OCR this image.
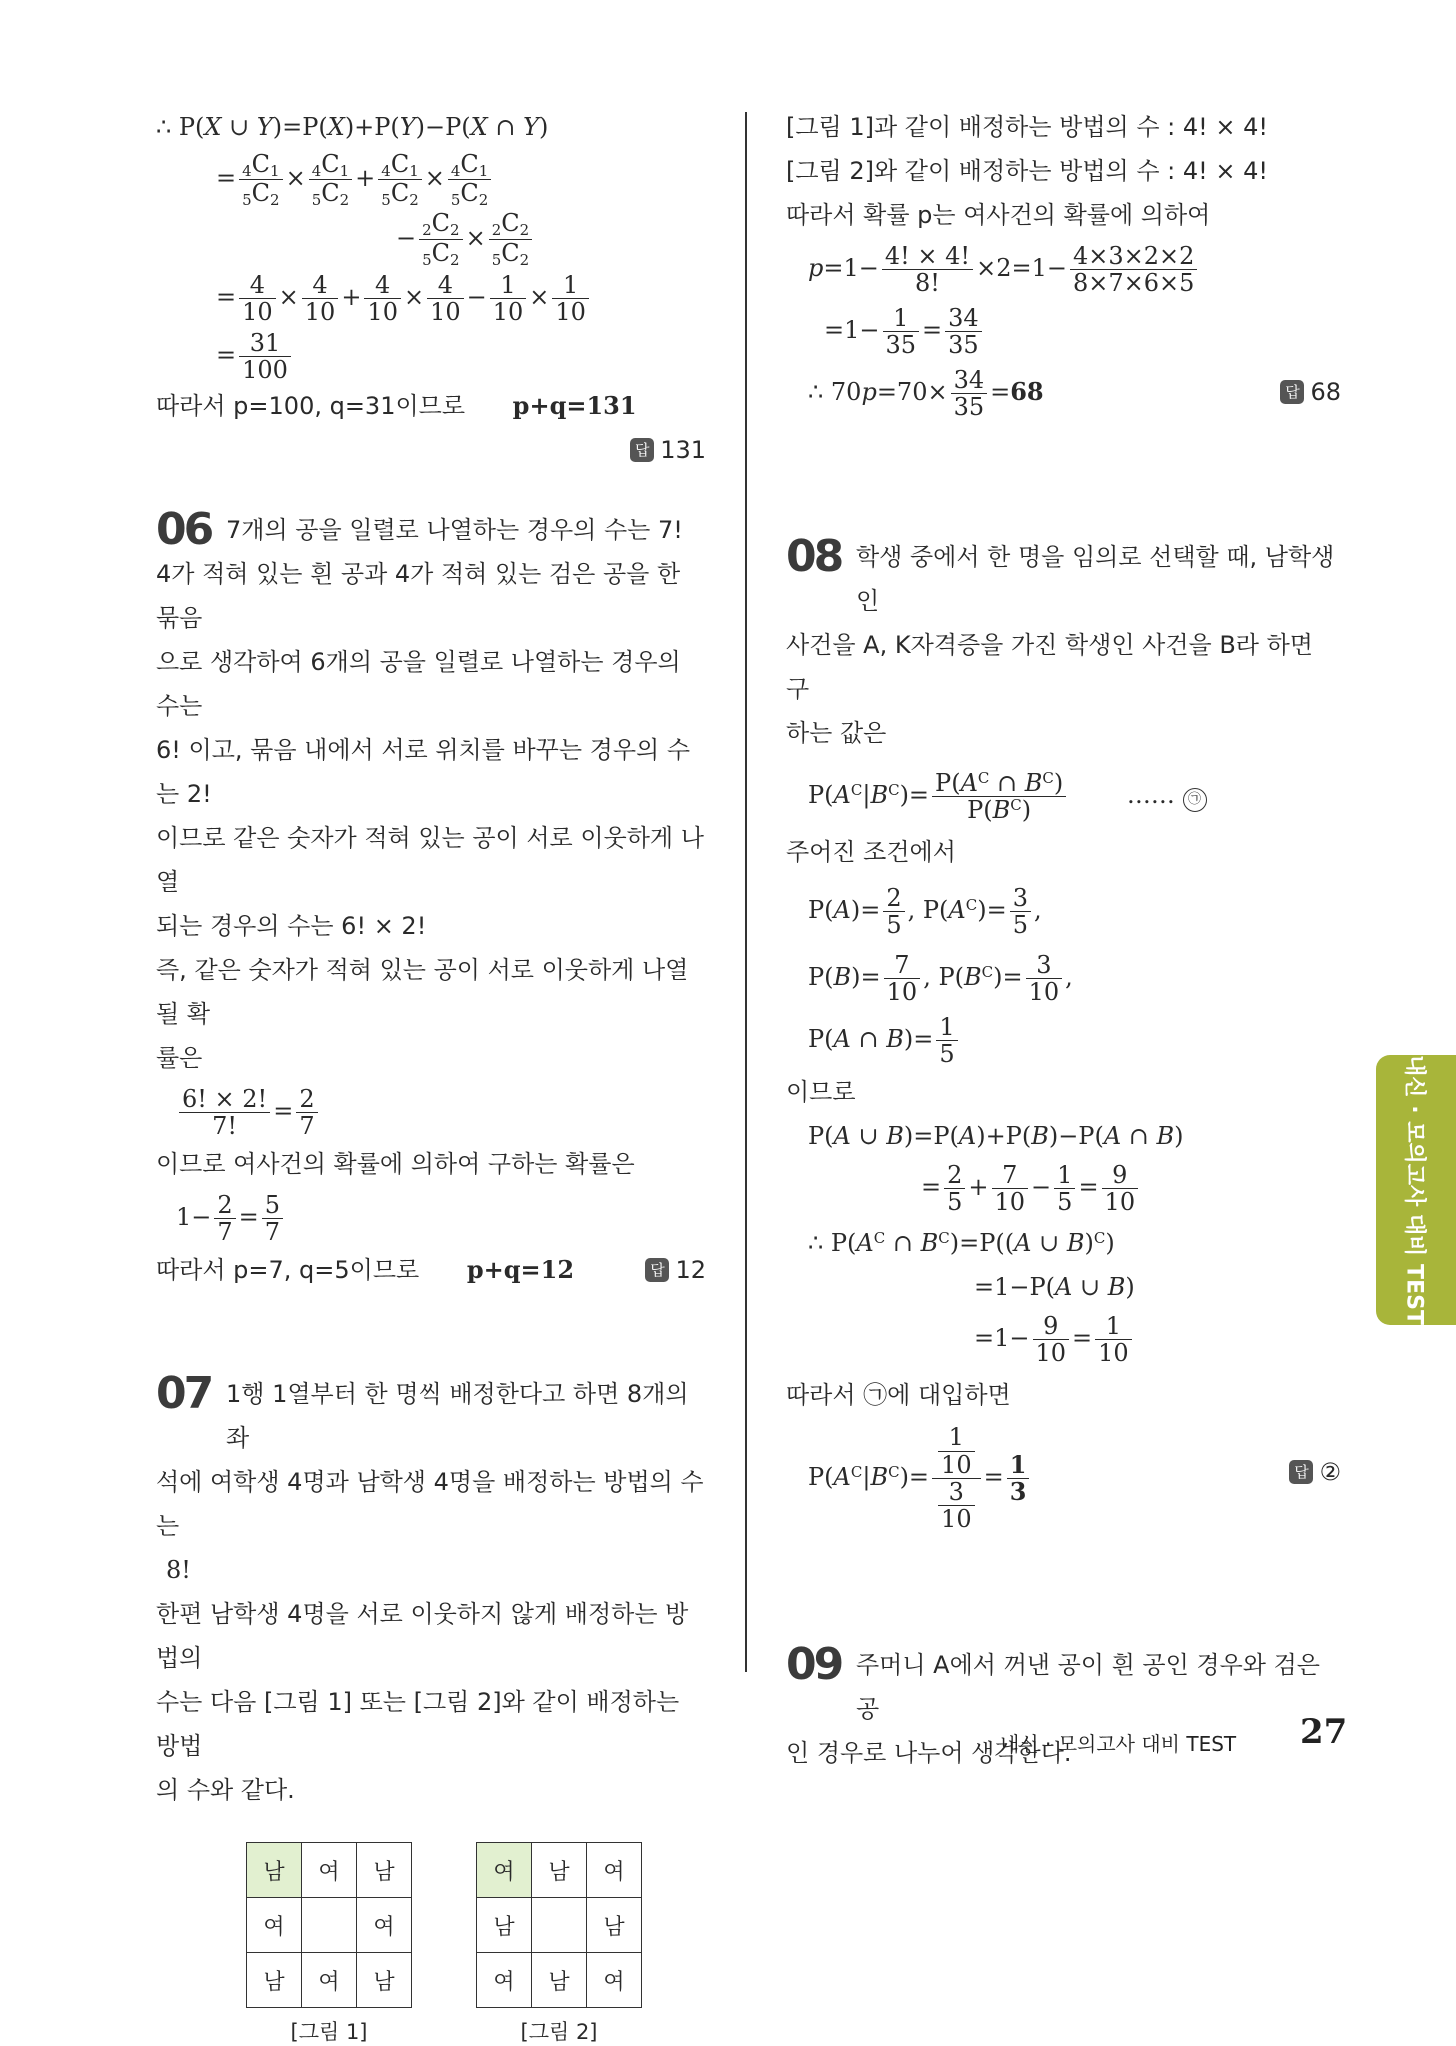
∴ P(X ∪ Y)=P(X)+P(Y)−P(X ∩ Y)
= $\frac{_4C_1}{_5C_2} \times \frac{_4C_1}{_5C_2} + \frac{_4C_1}{_5C_2} \times \frac{_4C_1}{_5C_2}$
− $\frac{_2C_2}{_5C_2} \times \frac{_2C_2}{_5C_2}$
= $\frac{4}{10} \times \frac{4}{10} + \frac{4}{10} \times \frac{4}{10} - \frac{1}{10} \times \frac{1}{10}$
= $\frac{31}{100}$
따라서 p=100, q=31이므로 p+q=131
답 131
06 7개의 공을 일렬로 나열하는 경우의 수는 7!
4가 적혀 있는 흰 공과 4가 적혀 있는 검은 공을 한 묶음
으로 생각하여 6개의 공을 일렬로 나열하는 경우의 수는
6! 이고, 묶음 내에서 서로 위치를 바꾸는 경우의 수는 2!
이므로 같은 숫자가 적혀 있는 공이 서로 이웃하게 나열
되는 경우의 수는 6! × 2!
즉, 같은 숫자가 적혀 있는 공이 서로 이웃하게 나열될 확
률은
$\frac{6! \times 2!}{7!} = \frac{2}{7}$
이므로 여사건의 확률에 의하여 구하는 확률은
$1- \frac{2}{7} = \frac{5}{7}$
따라서 p=7, q=5이므로 p+q=12	답 12
07 1행 1열부터 한 명씩 배정한다고 하면 8개의 좌
석에 여학생 4명과 남학생 4명을 배정하는 방법의 수는
8!
한편 남학생 4명을 서로 이웃하지 않게 배정하는 방법의
수는 다음 [그림 1] 또는 [그림 2]와 같이 배정하는 방법
의 수와 같다.
남	여	남
여		여
남	여	남
[그림 1]
여	남	여
남		남
여	남	여
[그림 2]
[그림 1]과 같이 배정하는 방법의 수 : 4! × 4!
[그림 2]와 같이 배정하는 방법의 수 : 4! × 4!
따라서 확률 p는 여사건의 확률에 의하여
$p=1- \frac{4! \times 4!}{8!} \times 2=1- \frac{4\times 3\times 2\times 2}{8\times 7\times 6\times 5}$
$=1- \frac{1}{35} = \frac{34}{35}$
∴ $70p=70\times \frac{34}{35} =68$	답 68
08 학생 중에서 한 명을 임의로 선택할 때, 남학생인
사건을 A, K자격증을 가진 학생인 사건을 B라 하면 구
하는 값은
$P(A^C|B^C)= \frac{P(A^C \cap B^C)}{P(B^C)}$	…… ㉠
주어진 조건에서
$P(A)= \frac{2}{5}$ , $P(A^C)= \frac{3}{5}$ ,
$P(B)= \frac{7}{10}$ , $P(B^C)= \frac{3}{10}$ ,
P(A ∩ $B)= \frac{1}{5}$
이므로
P(A ∪ B)=P(A)+P(B)−P(A ∩ B)
= $\frac{2}{5} + \frac{7}{10} - \frac{1}{5} = \frac{9}{10}$
∴ $P(A^C$ ∩ $B^C)=P((A$ ∪ B)$^C$)
=1−P(A ∪ B)
$=1- \frac{9}{10} = \frac{1}{10}$
따라서 ㉠에 대입하면
$P(A^C|B^C)= \frac{\frac{1}{10}}{\frac{3}{10}} = \frac{1}{3}$	답 ②
09 주머니 A에서 꺼낸 공이 흰 공인 경우와 검은 공
인 경우로 나누어 생각한다.
내신 · 모의고사 대비 TEST
내신 · 모의고사 대비 TEST 27
